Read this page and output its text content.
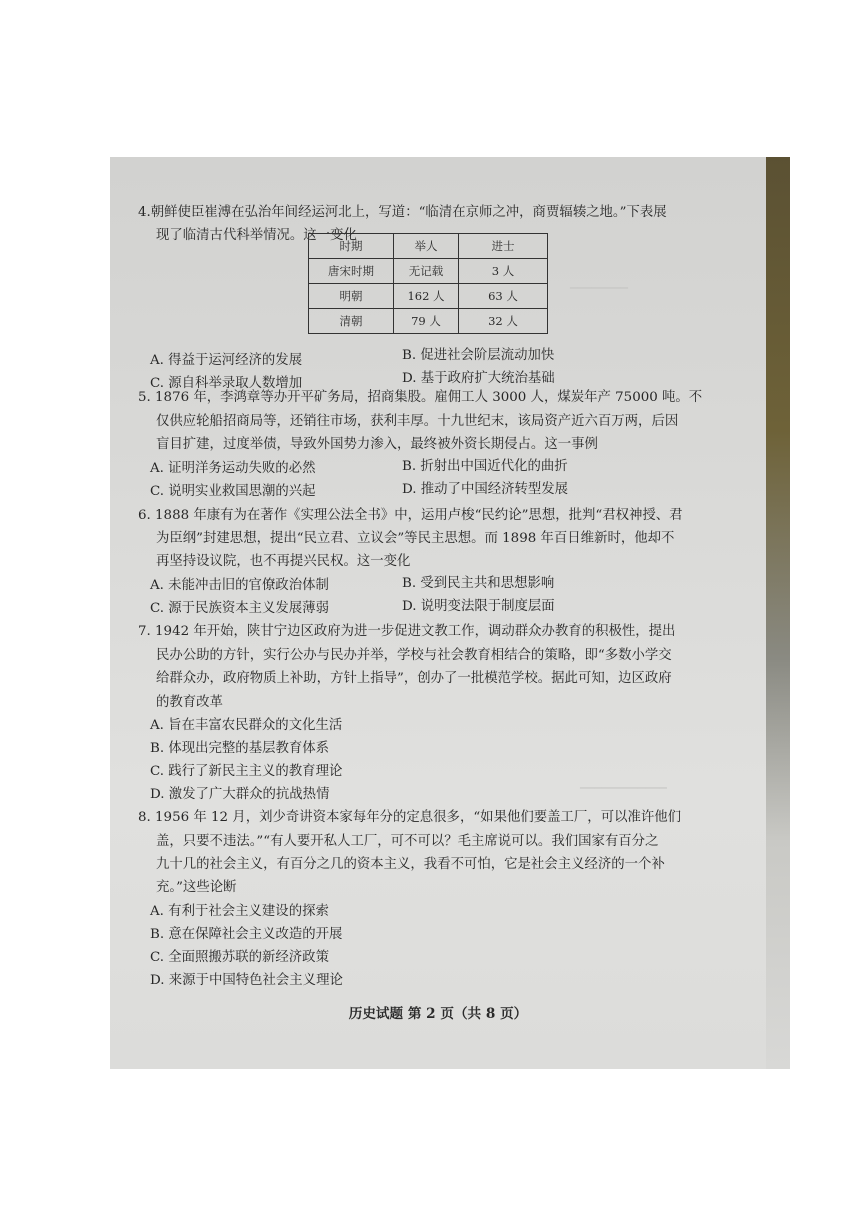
────────
────────────
4.朝鲜使臣崔溥在弘治年间经运河北上，写道：“临清在京师之冲，商贾辐辏之地。”下表展
现了临清古代科举情况。这一变化
时期	举人	进士
唐宋时期	无记载	3 人
明朝	162 人	63 人
清朝	79 人	32 人
A. 得益于运河经济的发展	B. 促进社会阶层流动加快
C. 源自科举录取人数增加	D. 基于政府扩大统治基础
5. 1876 年，李鸿章等办开平矿务局，招商集股。雇佣工人 3000 人，煤炭年产 75000 吨。不
仅供应轮船招商局等，还销往市场，获利丰厚。十九世纪末，该局资产近六百万两，后因
盲目扩建，过度举债，导致外国势力渗入，最终被外资长期侵占。这一事例
A. 证明洋务运动失败的必然	B. 折射出中国近代化的曲折
C. 说明实业救国思潮的兴起	D. 推动了中国经济转型发展
6. 1888 年康有为在著作《实理公法全书》中，运用卢梭“民约论”思想，批判“君权神授、君
为臣纲”封建思想，提出“民立君、立议会”等民主思想。而 1898 年百日维新时，他却不
再坚持设议院，也不再提兴民权。这一变化
A. 未能冲击旧的官僚政治体制	B. 受到民主共和思想影响
C. 源于民族资本主义发展薄弱	D. 说明变法限于制度层面
7. 1942 年开始，陕甘宁边区政府为进一步促进文教工作，调动群众办教育的积极性，提出
民办公助的方针，实行公办与民办并举，学校与社会教育相结合的策略，即“多数小学交
给群众办，政府物质上补助，方针上指导”，创办了一批模范学校。据此可知，边区政府
的教育改革
A. 旨在丰富农民群众的文化生活
B. 体现出完整的基层教育体系
C. 践行了新民主主义的教育理论
D. 激发了广大群众的抗战热情
8. 1956 年 12 月，刘少奇讲资本家每年分的定息很多，“如果他们要盖工厂，可以准许他们
盖，只要不违法。”“有人要开私人工厂，可不可以？毛主席说可以。我们国家有百分之
九十几的社会主义，有百分之几的资本主义，我看不可怕，它是社会主义经济的一个补
充。”这些论断
A. 有利于社会主义建设的探索
B. 意在保障社会主义改造的开展
C. 全面照搬苏联的新经济政策
D. 来源于中国特色社会主义理论
历史试题 第 2 页（共 8 页）
